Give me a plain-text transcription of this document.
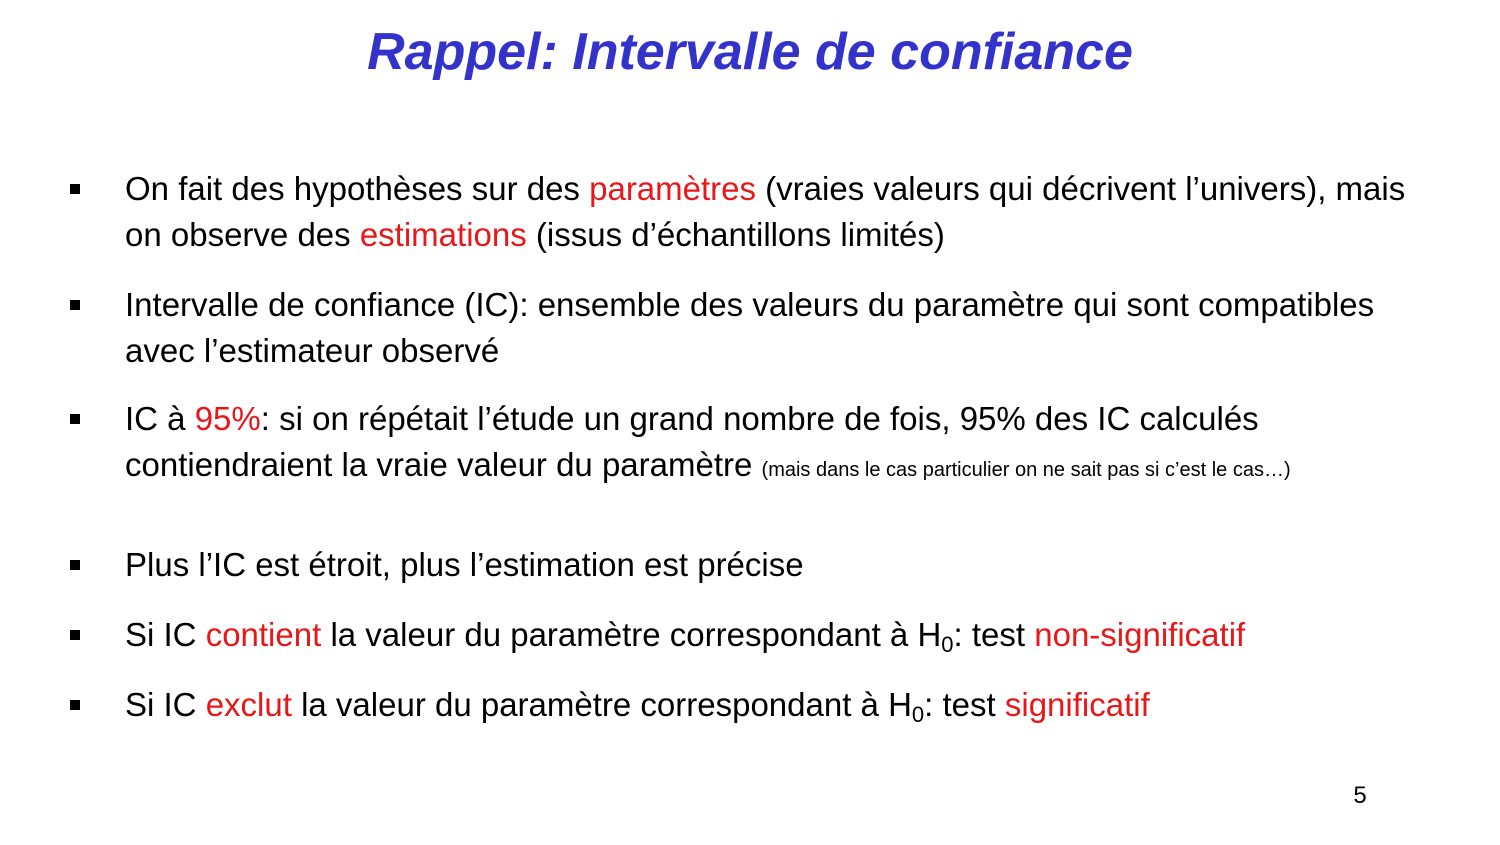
Rappel: Intervalle de confiance
On fait des hypothèses sur des paramètres (vraies valeurs qui décrivent l’univers), mais on observe des estimations (issus d’échantillons limités)
Intervalle de confiance (IC): ensemble des valeurs du paramètre qui sont compatibles avec l’estimateur observé
IC à 95%: si on répétait l’étude un grand nombre de fois, 95% des IC calculés contiendraient la vraie valeur du paramètre (mais dans le cas particulier on ne sait pas si c’est le cas…)
Plus l’IC est étroit, plus l’estimation est précise
Si IC contient la valeur du paramètre correspondant à $H_0$: test non-significatif
Si IC exclut la valeur du paramètre correspondant à $H_0$: test significatif
5
